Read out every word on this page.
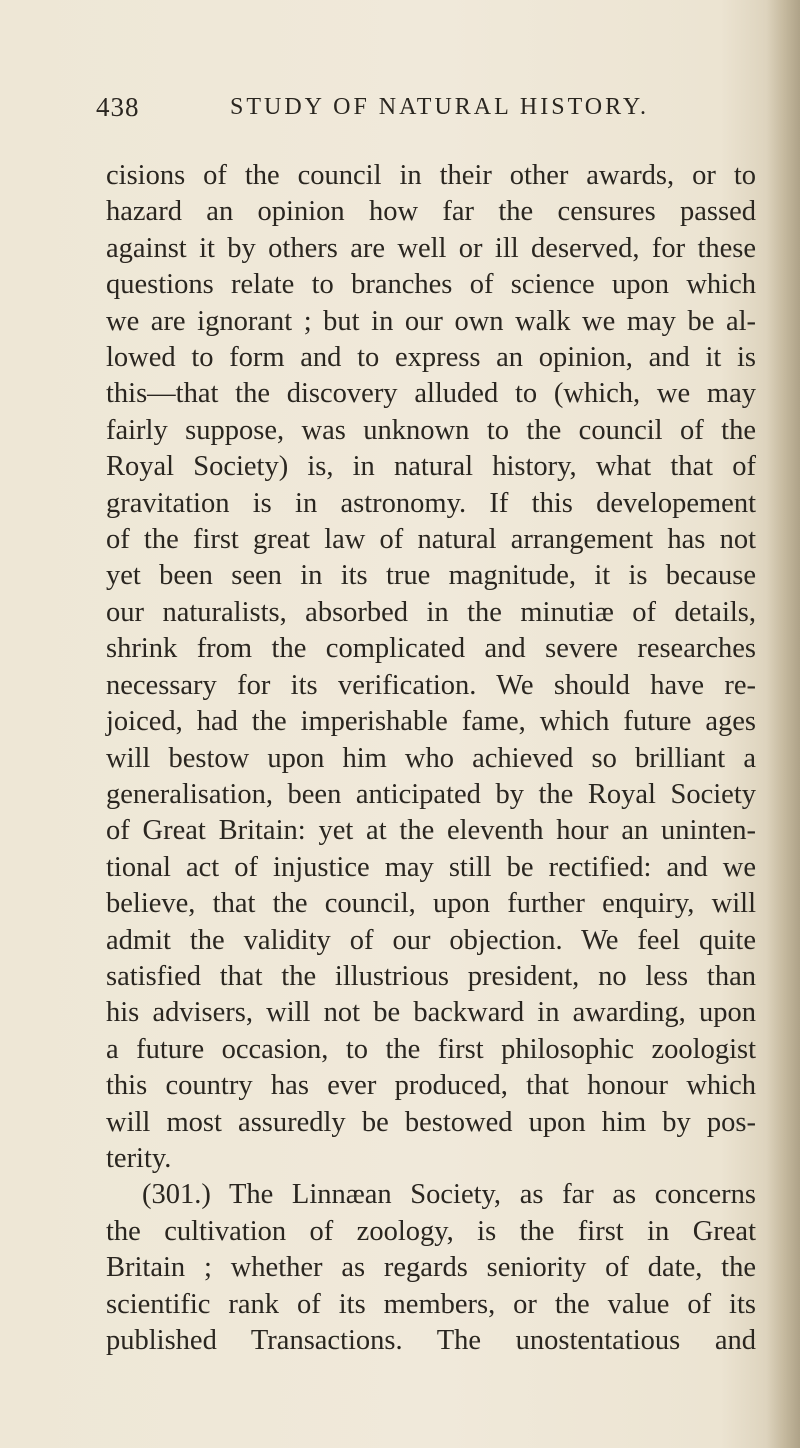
438	STUDY OF NATURAL HISTORY.
cisions of the council in their other awards, or to
hazard an opinion how far the censures passed
against it by others are well or ill deserved, for these
questions relate to branches of science upon which
we are ignorant ; but in our own walk we may be al-
lowed to form and to express an opinion, and it is
this—that the discovery alluded to (which, we may
fairly suppose, was unknown to the council of the
Royal Society) is, in natural history, what that of
gravitation is in astronomy. If this developement
of the first great law of natural arrangement has not
yet been seen in its true magnitude, it is because
our naturalists, absorbed in the minutiæ of details,
shrink from the complicated and severe researches
necessary for its verification. We should have re-
joiced, had the imperishable fame, which future ages
will bestow upon him who achieved so brilliant a
generalisation, been anticipated by the Royal Society
of Great Britain: yet at the eleventh hour an uninten-
tional act of injustice may still be rectified: and we
believe, that the council, upon further enquiry, will
admit the validity of our objection. We feel quite
satisfied that the illustrious president, no less than
his advisers, will not be backward in awarding, upon
a future occasion, to the first philosophic zoologist
this country has ever produced, that honour which
will most assuredly be bestowed upon him by pos-
terity.
(301.) The Linnæan Society, as far as concerns
the cultivation of zoology, is the first in Great
Britain ; whether as regards seniority of date, the
scientific rank of its members, or the value of its
published Transactions. The unostentatious and
